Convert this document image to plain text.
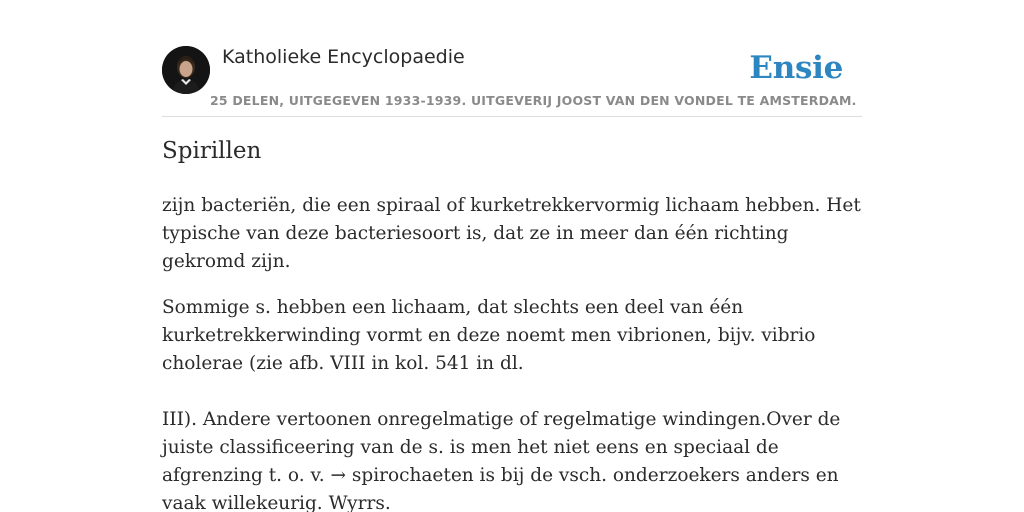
Katholieke Encyclopaedie
25 DELEN, UITGEGEVEN 1933-1939. UITGEVERIJ JOOST VAN DEN VONDEL TE AMSTERDAM.
Ensie
Spirillen

zijn bacteriën, die een spiraal of kurketrekkervormig lichaam hebben. Het typische van deze bacteriesoort is, dat ze in meer dan één richting gekromd zijn.

Sommige s. hebben een lichaam, dat slechts een deel van één kurketrekkerwinding vormt en deze noemt men vibrionen, bijv. vibrio cholerae (zie afb. VIII in kol. 541 in dl.

III). Andere vertoonen onregelmatige of regelmatige windingen.Over de juiste classificeering van de s. is men het niet eens en speciaal de afgrenzing t. o. v. → spirochaeten is bij de vsch. onderzoekers anders en vaak willekeurig. Wyrrs.
